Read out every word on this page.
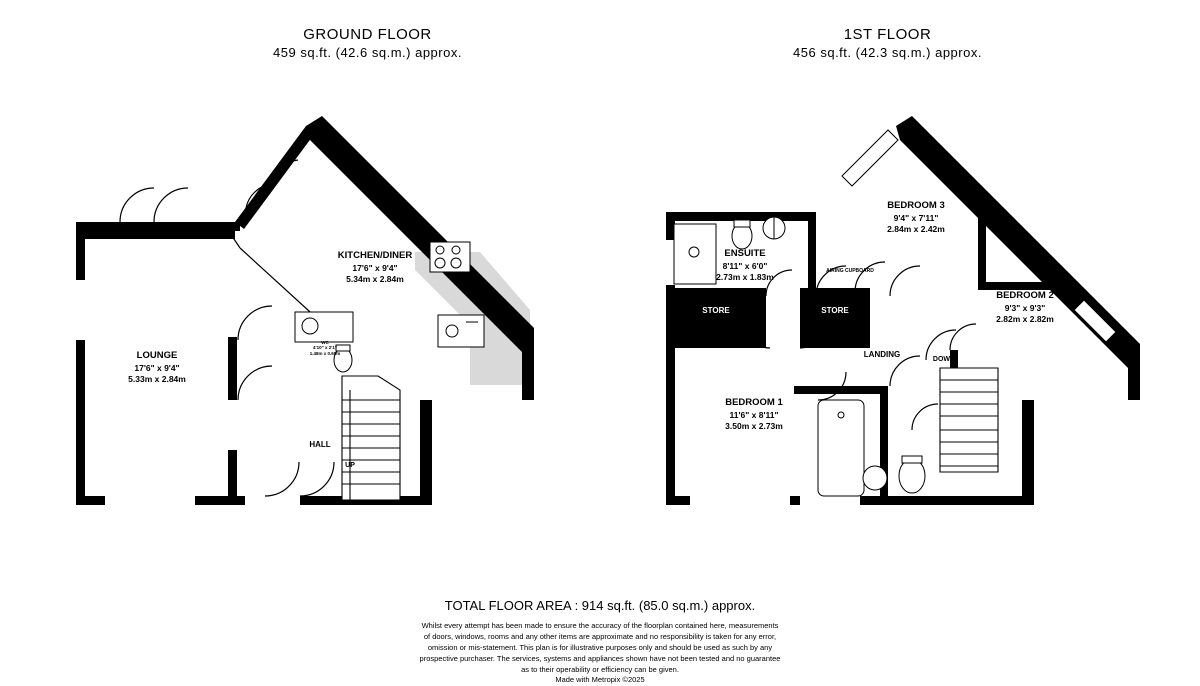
GROUND FLOOR
459 sq.ft. (42.6 sq.m.) approx.
1ST FLOOR
456 sq.ft. (42.3 sq.m.) approx.
KITCHEN/DINER
17'6" x 9'4"
5.34m x 2.84m
LOUNGE
17'6" x 9'4"
5.33m x 2.84m
WC
4'10" x 2'1"
1.48m x 0.65m
HALL
UP
BEDROOM 3
9'4" x 7'11"
2.84m x 2.42m
BEDROOM 2
9'3" x 9'3"
2.82m x 2.82m
BEDROOM 1
11'6" x 8'11"
3.50m x 2.73m
ENSUITE
8'11" x 6'0"
2.73m x 1.83m
LANDING
STORE	STORE
AIRING CUPBOARD
DOWN
TOTAL FLOOR AREA : 914 sq.ft. (85.0 sq.m.) approx.

Whilst every attempt has been made to ensure the accuracy of the floorplan contained here, measurements

of doors, windows, rooms and any other items are approximate and no responsibility is taken for any error,

omission or mis-statement. This plan is for illustrative purposes only and should be used as such by any

prospective purchaser. The services, systems and appliances shown have not been tested and no guarantee

as to their operability or efficiency can be given.

Made with Metropix ©2025
